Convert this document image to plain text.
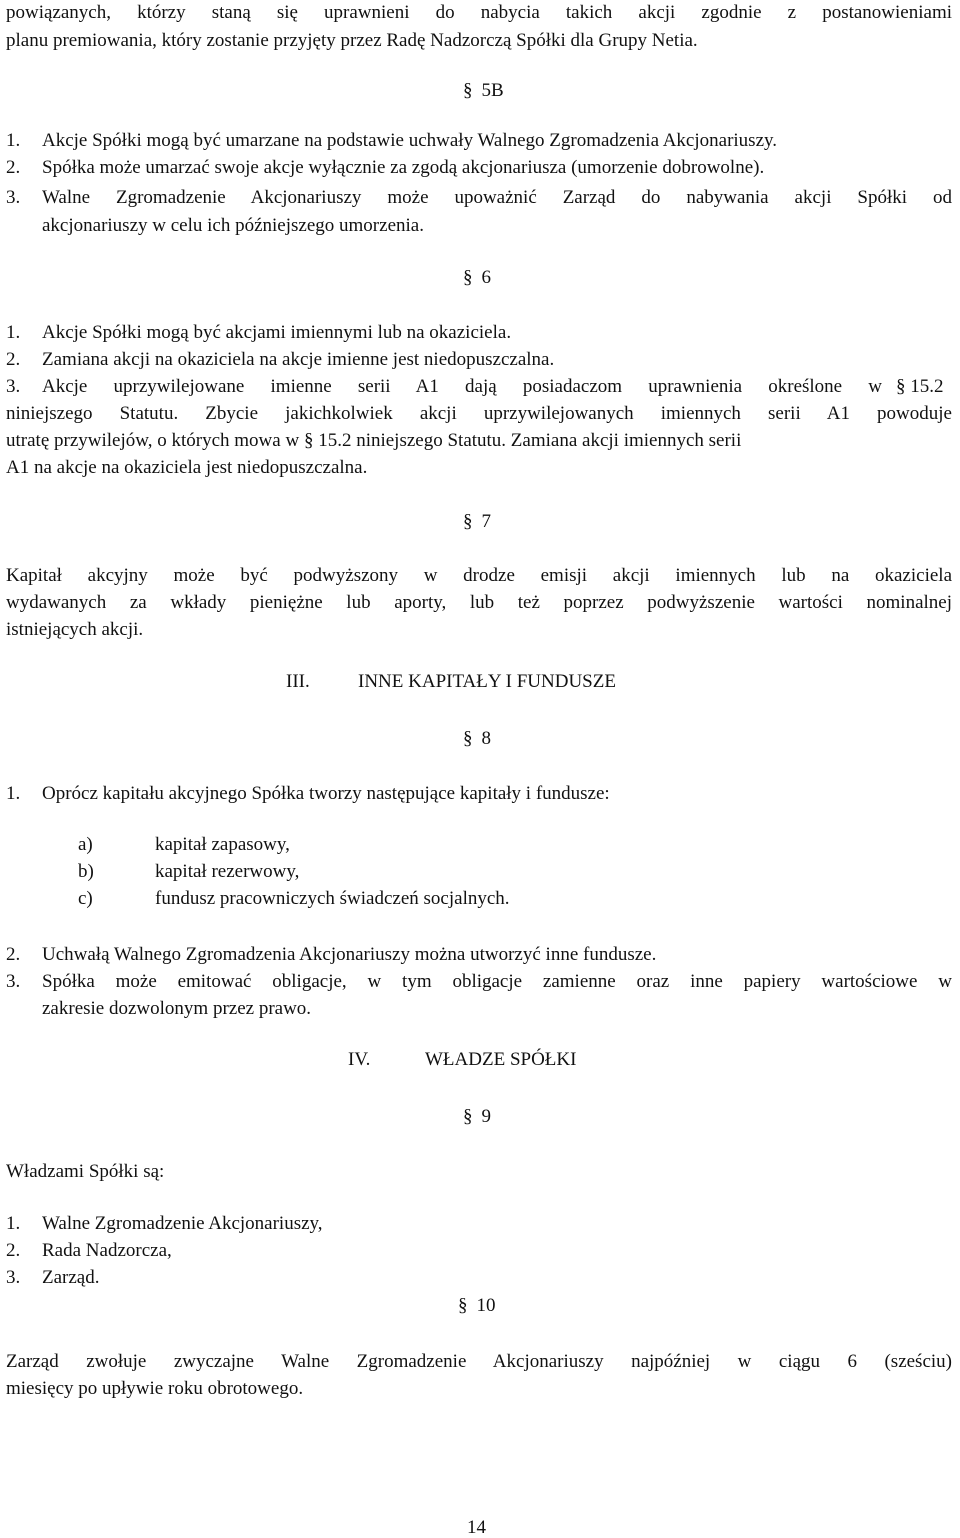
powiązanych, którzy staną się uprawnieni do nabycia takich akcji zgodnie z postanowieniami
planu premiowania, który zostanie przyjęty przez Radę Nadzorczą Spółki dla Grupy Netia.
§ 5B
1. Akcje Spółki mogą być umarzane na podstawie uchwały Walnego Zgromadzenia Akcjonariuszy.
2. Spółka może umarzać swoje akcje wyłącznie za zgodą akcjonariusza (umorzenie dobrowolne).
3. Walne Zgromadzenie Akcjonariuszy może upoważnić Zarząd do nabywania akcji Spółki od
akcjonariuszy w celu ich późniejszego umorzenia.
§ 6
1. Akcje Spółki mogą być akcjami imiennymi lub na okaziciela.
2. Zamiana akcji na okaziciela na akcje imienne jest niedopuszczalna.
3. Akcje uprzywilejowane imienne serii A1 dają posiadaczom uprawnienia określone w § 15.2
niniejszego Statutu. Zbycie jakichkolwiek akcji uprzywilejowanych imiennych serii A1 powoduje
utratę przywilejów, o których mowa w § 15.2 niniejszego Statutu. Zamiana akcji imiennych serii
A1 na akcje na okaziciela jest niedopuszczalna.
§ 7
Kapitał akcyjny może być podwyższony w drodze emisji akcji imiennych lub na okaziciela
wydawanych za wkłady pieniężne lub aporty, lub też poprzez podwyższenie wartości nominalnej
istniejących akcji.
III.	INNE KAPITAŁY I FUNDUSZE
§ 8
1. Oprócz kapitału akcyjnego Spółka tworzy następujące kapitały i fundusze:
a)	kapitał zapasowy,
b)	kapitał rezerwowy,
c)	fundusz pracowniczych świadczeń socjalnych.
2. Uchwałą Walnego Zgromadzenia Akcjonariuszy można utworzyć inne fundusze.
3. Spółka może emitować obligacje, w tym obligacje zamienne oraz inne papiery wartościowe w
zakresie dozwolonym przez prawo.
IV.	WŁADZE SPÓŁKI
§ 9
Władzami Spółki są:
1. Walne Zgromadzenie Akcjonariuszy,
2. Rada Nadzorcza,
3. Zarząd.
§ 10
Zarząd zwołuje zwyczajne Walne Zgromadzenie Akcjonariuszy najpóźniej w ciągu 6 (sześciu)
miesięcy po upływie roku obrotowego.
14
